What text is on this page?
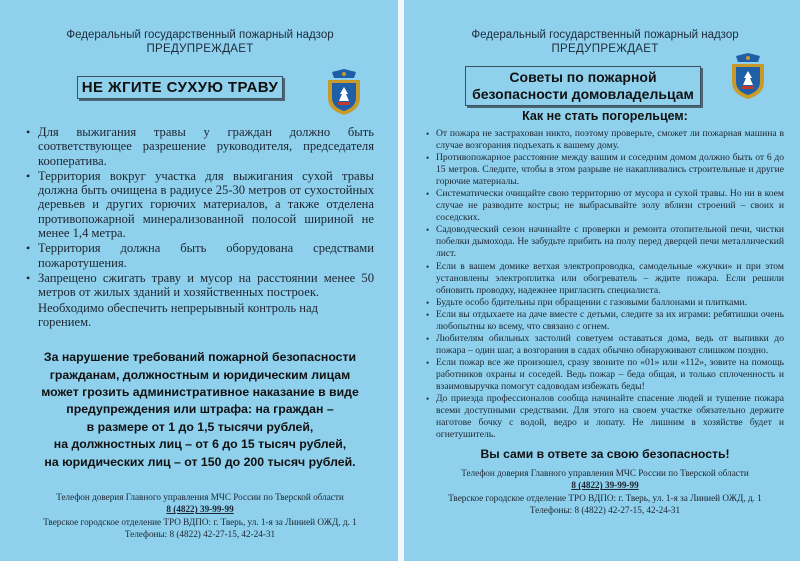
Федеральный государственный пожарный надзор
ПРЕДУПРЕЖДАЕТ
НЕ ЖГИТЕ СУХУЮ ТРАВУ
• Для выжигания травы у граждан должно быть соответствующее разрешение руководителя, председателя кооператива.
• Территория вокруг участка для выжигания сухой травы должна быть очищена в радиусе 25-30 метров от сухостойных деревьев и других горючих материалов, а также отделена противопожарной минерализованной полосой шириной не менее 1,4 метра.
• Территория должна быть оборудована средствами пожаротушения.
• Запрещено сжигать траву и мусор на расстоянии менее 50 метров от жилых зданий и хозяйственных построек.
Необходимо обеспечить непрерывный контроль над горением.
За нарушение требований пожарной безопасности
гражданам, должностным и юридическим лицам
может грозить административное наказание в виде
предупреждения или штрафа: на граждан –
в размере от 1 до 1,5 тысячи рублей,
на должностных лиц – от 6 до 15 тысяч рублей,
на юридических лиц – от 150 до 200 тысяч рублей.
Телефон доверия Главного управления МЧС России по Тверской области
8 (4822) 39-99-99
Тверское городское отделение ТРО ВДПО: г. Тверь, ул. 1-я за Линией ОЖД, д. 1
Телефоны: 8 (4822) 42-27-15, 42-24-31
Федеральный государственный пожарный надзор
ПРЕДУПРЕЖДАЕТ
Советы по пожарной
безопасности домовладельцам
Как не стать погорельцем:
• От пожара не застрахован никто, поэтому проверьте, сможет ли пожарная машина в случае возгорания подъехать к вашему дому.
• Противопожарное расстояние между вашим и соседним домом должно быть от 6 до 15 метров. Следите, чтобы в этом разрыве не накапливались строительные и другие горючие материалы.
• Систематически очищайте свою территорию от мусора и сухой травы. Но ни в коем случае не разводите костры; не выбрасывайте золу вблизи строений – своих и соседских.
• Садоводческий сезон начинайте с проверки и ремонта отопительной печи, чистки побелки дымохода. Не забудьте прибить на полу перед дверцей печи металлический лист.
• Если в вашем домике ветхая электропроводка, самодельные «жучки» и при этом установлены электроплитка или обогреватель – ждите пожара. Если решили обновить проводку, надежнее пригласить специалиста.
• Будьте особо бдительны при обращении с газовыми баллонами и плитками.
• Если вы отдыхаете на даче вместе с детьми, следите за их играми: ребятишки очень любопытны ко всему, что связано с огнем.
• Любителям обильных застолий советуем оставаться дома, ведь от выпивки до пожара – один шаг, а возгорания в садах обычно обнаруживают слишком поздно.
• Если пожар все же произошел, сразу звоните по «01» или «112», зовите на помощь работников охраны и соседей. Ведь пожар – беда общая, и только сплоченность и взаимовыручка помогут садоводам избежать беды!
• До приезда профессионалов сообща начинайте спасение людей и тушение пожара всеми доступными средствами. Для этого на своем участке обязательно держите наготове бочку с водой, ведро и лопату. Не лишним в хозяйстве будет и огнетушитель.
Вы сами в ответе за свою безопасность!
Телефон доверия Главного управления МЧС России по Тверской области
8 (4822) 39-99-99
Тверское городское отделение ТРО ВДПО: г. Тверь, ул. 1-я за Линией ОЖД, д. 1
Телефоны: 8 (4822) 42-27-15, 42-24-31
